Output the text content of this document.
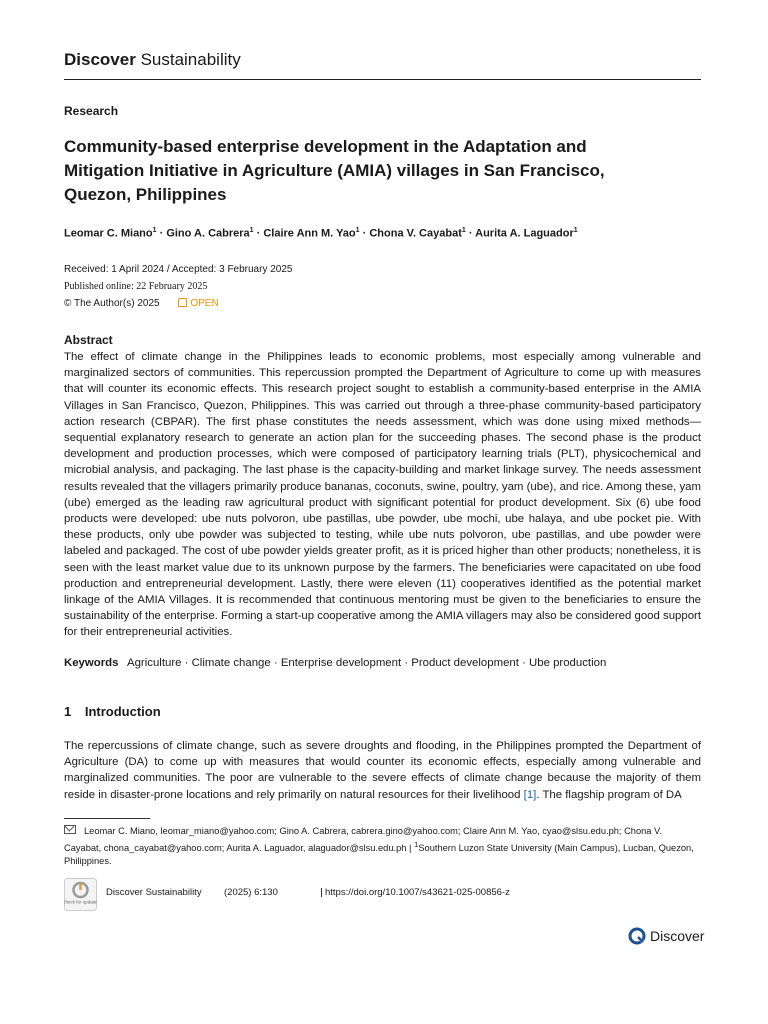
Discover Sustainability
Research
Community-based enterprise development in the Adaptation and Mitigation Initiative in Agriculture (AMIA) villages in San Francisco, Quezon, Philippines
Leomar C. Miano$^1$ · Gino A. Cabrera$^1$ · Claire Ann M. Yao$^1$ · Chona V. Cayabat$^1$ · Aurita A. Laguador$^1$
Received: 1 April 2024 / Accepted: 3 February 2025
Published online: 22 February 2025
© The Author(s) 2025	OPEN
Abstract
The effect of climate change in the Philippines leads to economic problems, most especially among vulnerable and marginalized sectors of communities. This repercussion prompted the Department of Agriculture to come up with measures that will counter its economic effects. This research project sought to establish a community-based enterprise in the AMIA Villages in San Francisco, Quezon, Philippines. This was carried out through a three-phase community-based participatory action research (CBPAR). The first phase constitutes the needs assessment, which was done using mixed methods—sequential explanatory research to generate an action plan for the succeeding phases. The second phase is the product development and production processes, which were composed of participatory learning trials (PLT), physicochemical and microbial analysis, and packaging. The last phase is the capacity-building and market linkage survey. The needs assessment results revealed that the villagers primarily produce bananas, coconuts, swine, poultry, yam (ube), and rice. Among these, yam (ube) emerged as the leading raw agricultural product with significant potential for product development. Six (6) ube food products were developed: ube nuts polvoron, ube pastillas, ube powder, ube mochi, ube halaya, and ube pocket pie. With these products, only ube powder was subjected to testing, while ube nuts polvoron, ube pastillas, and ube powder were labeled and packaged. The cost of ube powder yields greater profit, as it is priced higher than other products; nonetheless, it is seen with the least market value due to its unknown purpose by the farmers. The beneficiaries were capacitated on ube food production and entrepreneurial development. Lastly, there were eleven (11) cooperatives identified as the potential market linkage of the AMIA Villages. It is recommended that continuous mentoring must be given to the beneficiaries to ensure the sustainability of the enterprise. Forming a start-up cooperative among the AMIA villagers may also be considered good support for their entrepreneurial activities.
Keywords Agriculture · Climate change · Enterprise development · Product development · Ube production
1 Introduction
The repercussions of climate change, such as severe droughts and flooding, in the Philippines prompted the Department of Agriculture (DA) to come up with measures that would counter its economic effects, especially among vulnerable and marginalized communities. The poor are vulnerable to the severe effects of climate change because the majority of them reside in disaster-prone locations and rely primarily on natural resources for their livelihood [1]. The flagship program of DA
Leomar C. Miano, leomar_miano@yahoo.com; Gino A. Cabrera, cabrera.gino@yahoo.com; Claire Ann M. Yao, cyao@slsu.edu.ph; Chona V. Cayabat, chona_cayabat@yahoo.com; Aurita A. Laguador, alaguador@slsu.edu.ph | $^1$Southern Luzon State University (Main Campus), Lucban, Quezon, Philippines.
Check for updates
Discover Sustainability (2025) 6:130	https://doi.org/10.1007/s43621-025-00856-z
Discover
